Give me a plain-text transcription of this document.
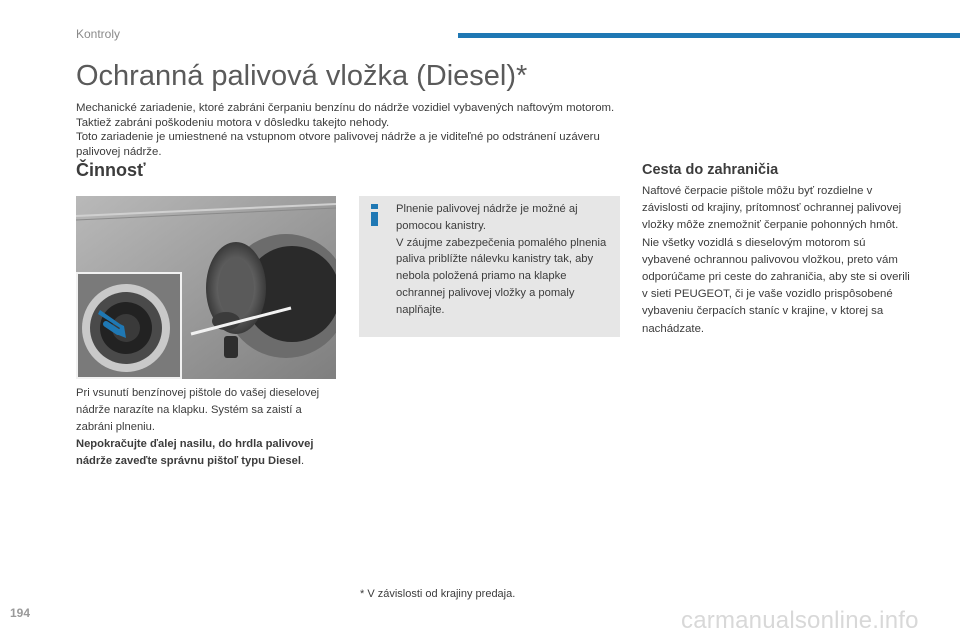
Kontroly
Ochranná palivová vložka (Diesel)*

Mechanické zariadenie, ktoré zabráni čerpaniu benzínu do nádrže vozidiel vybavených naftovým motorom. Taktiež zabráni poškodeniu motora v dôsledku takejto nehody.

Toto zariadenie je umiestnené na vstupnom otvore palivovej nádrže a je viditeľné po odstránení uzáveru palivovej nádrže.

Činnosť

Plnenie palivovej nádrže je možné aj pomocou kanistry.

V záujme zabezpečenia pomalého plnenia paliva priblížte nálevku kanistry tak, aby nebola položená priamo na klapke ochrannej palivovej vložky a pomaly naplňajte.

Pri vsunutí benzínovej pištole do vašej dieselovej nádrže narazíte na klapku. Systém sa zaistí a zabráni plneniu.

Nepokračujte ďalej nasilu, do hrdla palivovej nádrže zaveďte správnu pištoľ typu Diesel.

Cesta do zahraničia

Naftové čerpacie pištole môžu byť rozdielne v závislosti od krajiny, prítomnosť ochrannej palivovej vložky môže znemožniť čerpanie pohonných hmôt.

Nie všetky vozidlá s dieselovým motorom sú vybavené ochrannou palivovou vložkou, preto vám odporúčame pri ceste do zahraničia, aby ste si overili v sieti PEUGEOT, či je vaše vozidlo prispôsobené vybaveniu čerpacích staníc v krajine, v ktorej sa nachádzate.

* V závislosti od krajiny predaja.
194	carmanualsonline.info
